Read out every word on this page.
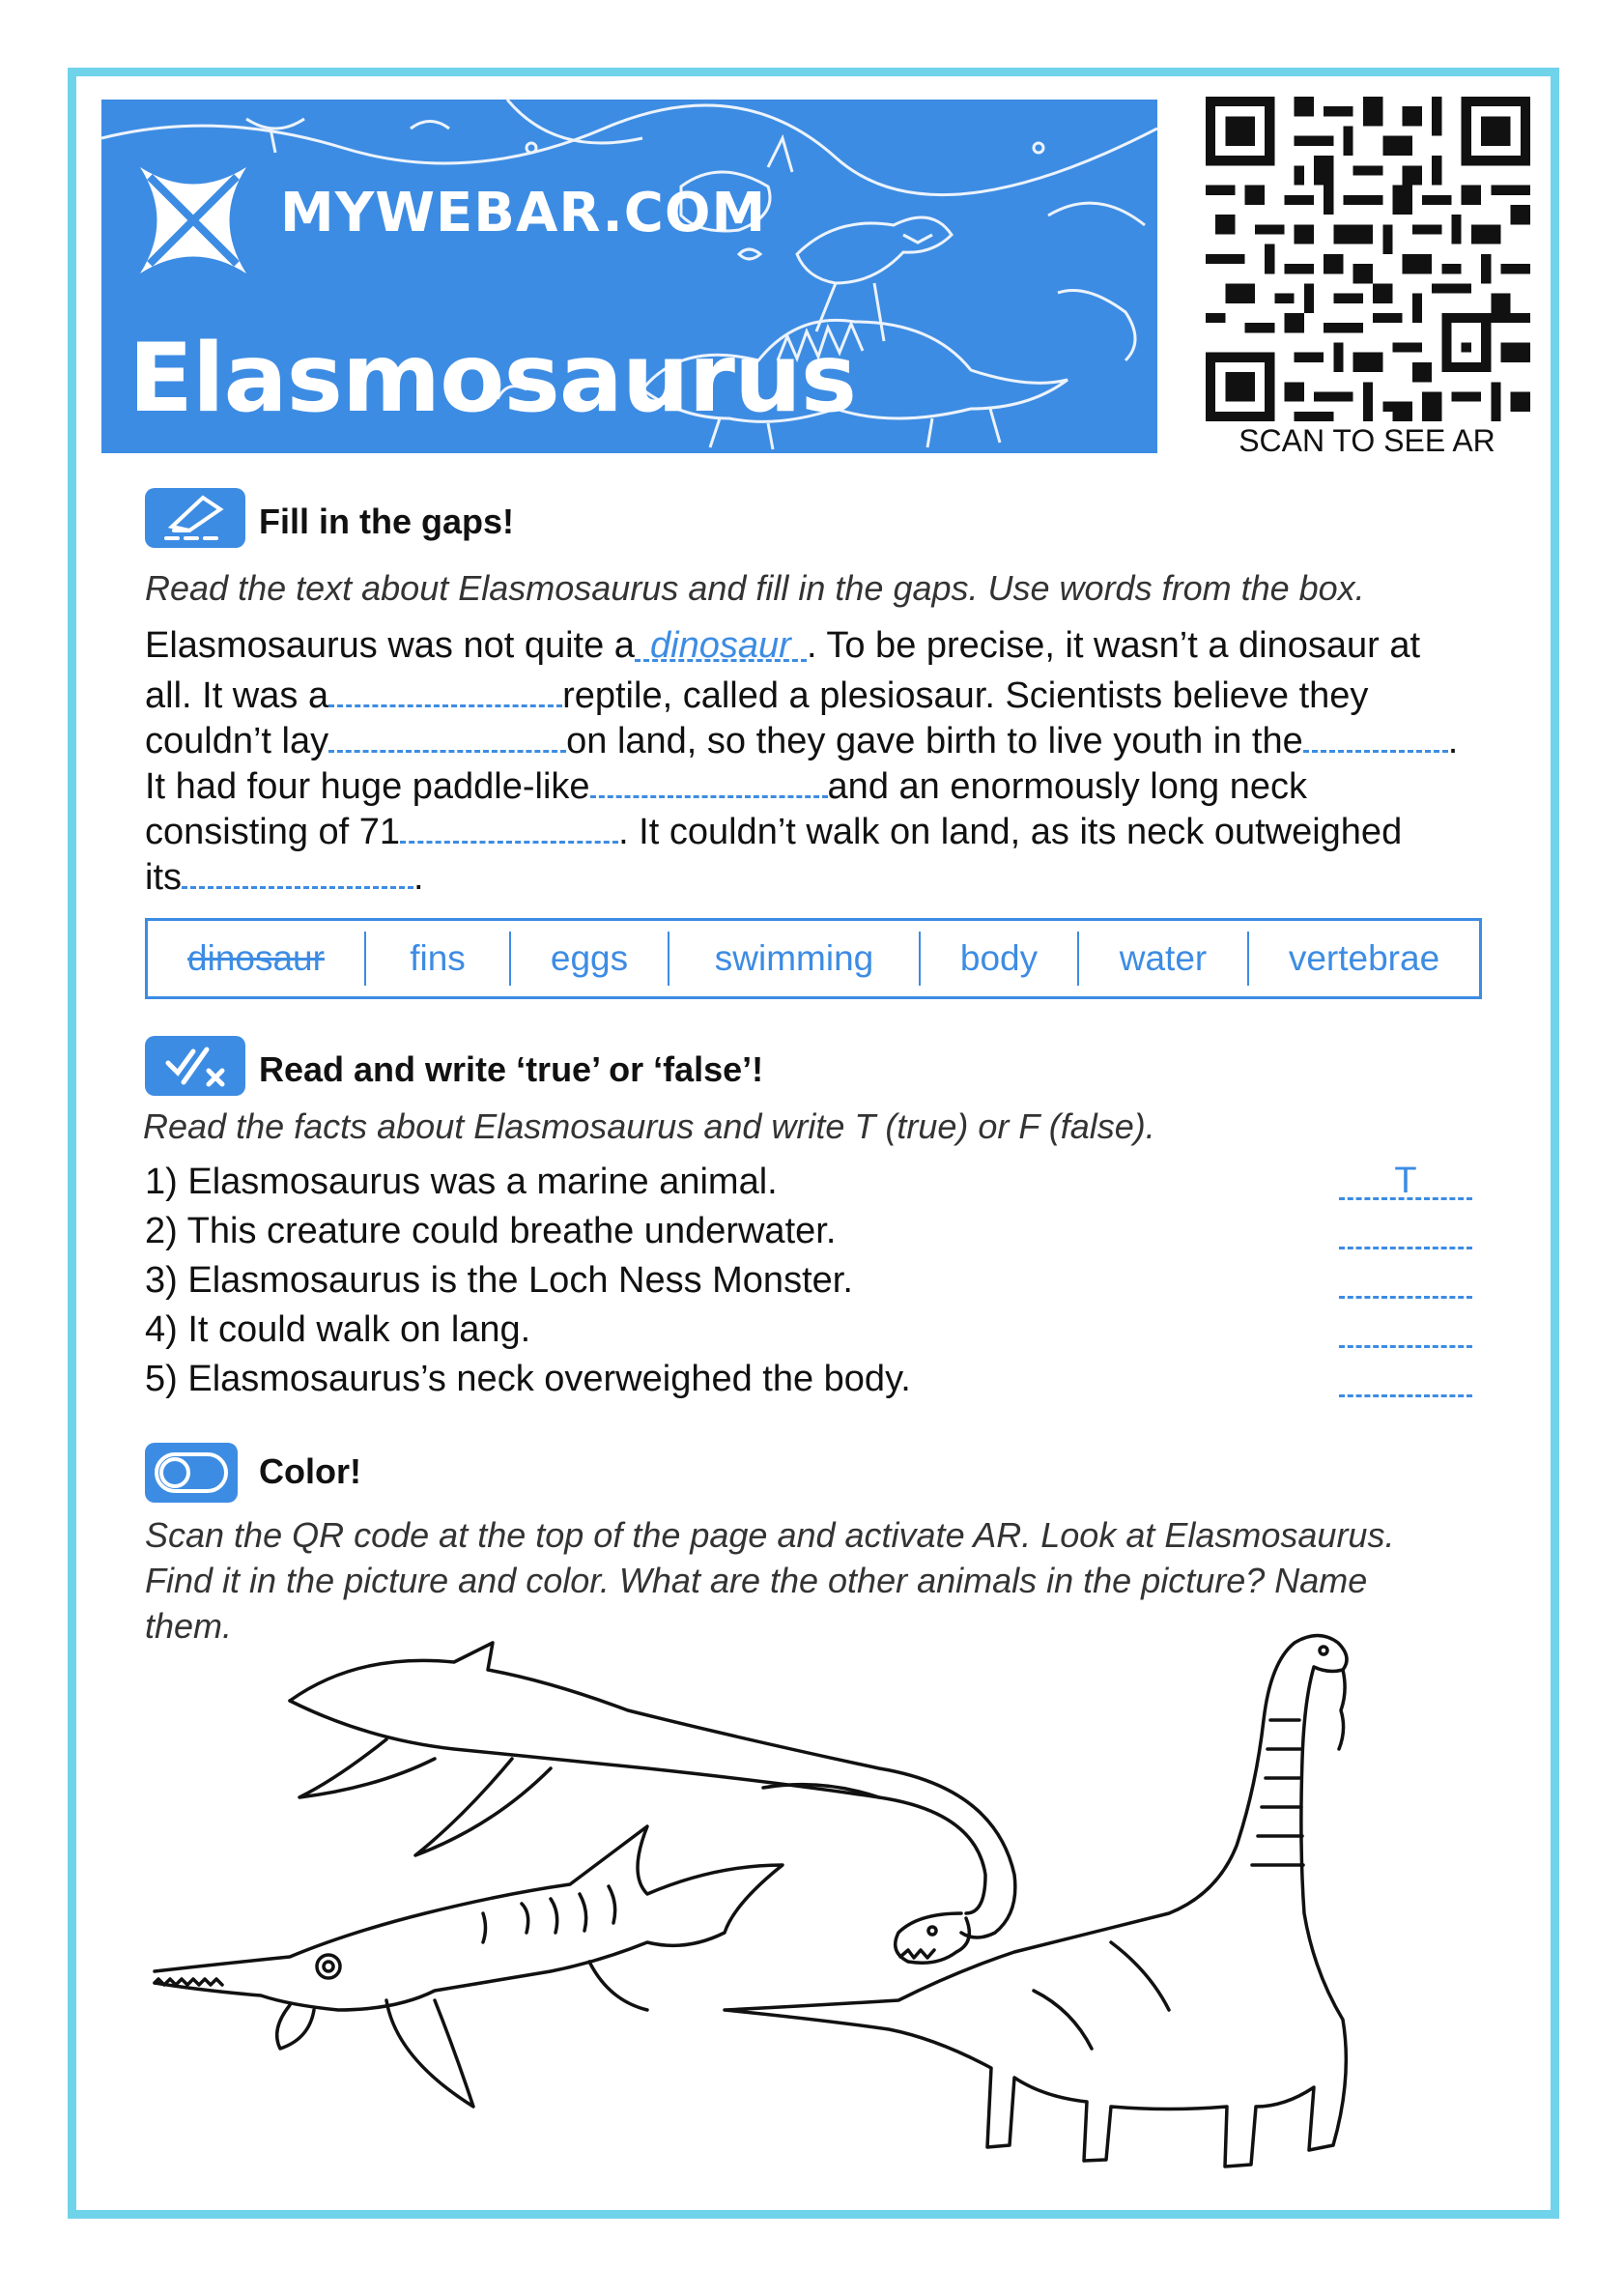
MYWEBAR.COM
Elasmosaurus
SCAN TO SEE AR
Fill in the gaps!
Read the text about Elasmosaurus and fill in the gaps. Use words from the box.

Elasmosaurus was not quite a dinosaur . To be precise, it wasn’t a dinosaur at

all. It was a	reptile, called a plesiosaur. Scientists believe they

couldn’t lay	on land, so they gave birth to live youth in the	.

It had four huge paddle-like	and an enormously long neck

consisting of 71	. It couldn’t walk on land, as its neck outweighed

its	.

dinosaur	fins	eggs	swimming	body	water	vertebrae
Read and write ‘true’ or ‘false’!
Read the facts about Elasmosaurus and write T (true) or F (false).
1) Elasmosaurus was a marine animal.	T
2) This creature could breathe underwater.
3) Elasmosaurus is the Loch Ness Monster.
4) It could walk on lang.
5) Elasmosaurus’s neck overweighed the body.
Color!
Scan the QR code at the top of the page and activate AR. Look at Elasmosaurus.
Find it in the picture and color. What are the other animals in the picture? Name
them.
